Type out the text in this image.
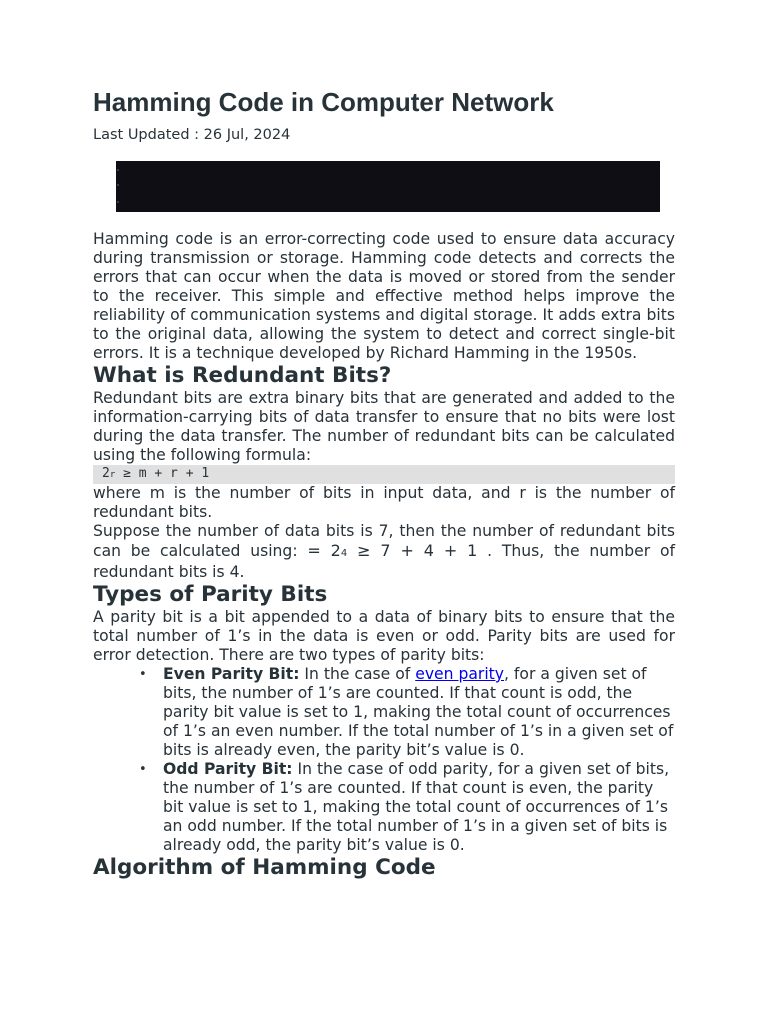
Hamming Code in Computer Network
Last Updated : 26 Jul, 2024

Hamming code is an error-correcting code used to ensure data accuracy during transmission or storage. Hamming code detects and corrects the errors that can occur when the data is moved or stored from the sender to the receiver. This simple and effective method helps improve the reliability of communication systems and digital storage. It adds extra bits to the original data, allowing the system to detect and correct single-bit errors. It is a technique developed by Richard Hamming in the 1950s.

What is Redundant Bits?

Redundant bits are extra binary bits that are generated and added to the information-carrying bits of data transfer to ensure that no bits were lost during the data transfer. The number of redundant bits can be calculated using the following formula:

2r ≥ m + r + 1

where m is the number of bits in input data, and r is the number of redundant bits.

Suppose the number of data bits is 7, then the number of redundant bits can be calculated using: = 24 ≥ 7 + 4 + 1 . Thus, the number of redundant bits is 4.

Types of Parity Bits

A parity bit is a bit appended to a data of binary bits to ensure that the total number of 1’s in the data is even or odd. Parity bits are used for error detection. There are two types of parity bits:

• Even Parity Bit: In the case of even parity, for a given set of bits, the number of 1’s are counted. If that count is odd, the parity bit value is set to 1, making the total count of occurrences of 1’s an even number. If the total number of 1’s in a given set of bits is already even, the parity bit’s value is 0.
• Odd Parity Bit: In the case of odd parity, for a given set of bits, the number of 1’s are counted. If that count is even, the parity bit value is set to 1, making the total count of occurrences of 1’s an odd number. If the total number of 1’s in a given set of bits is already odd, the parity bit’s value is 0.
Algorithm of Hamming Code
